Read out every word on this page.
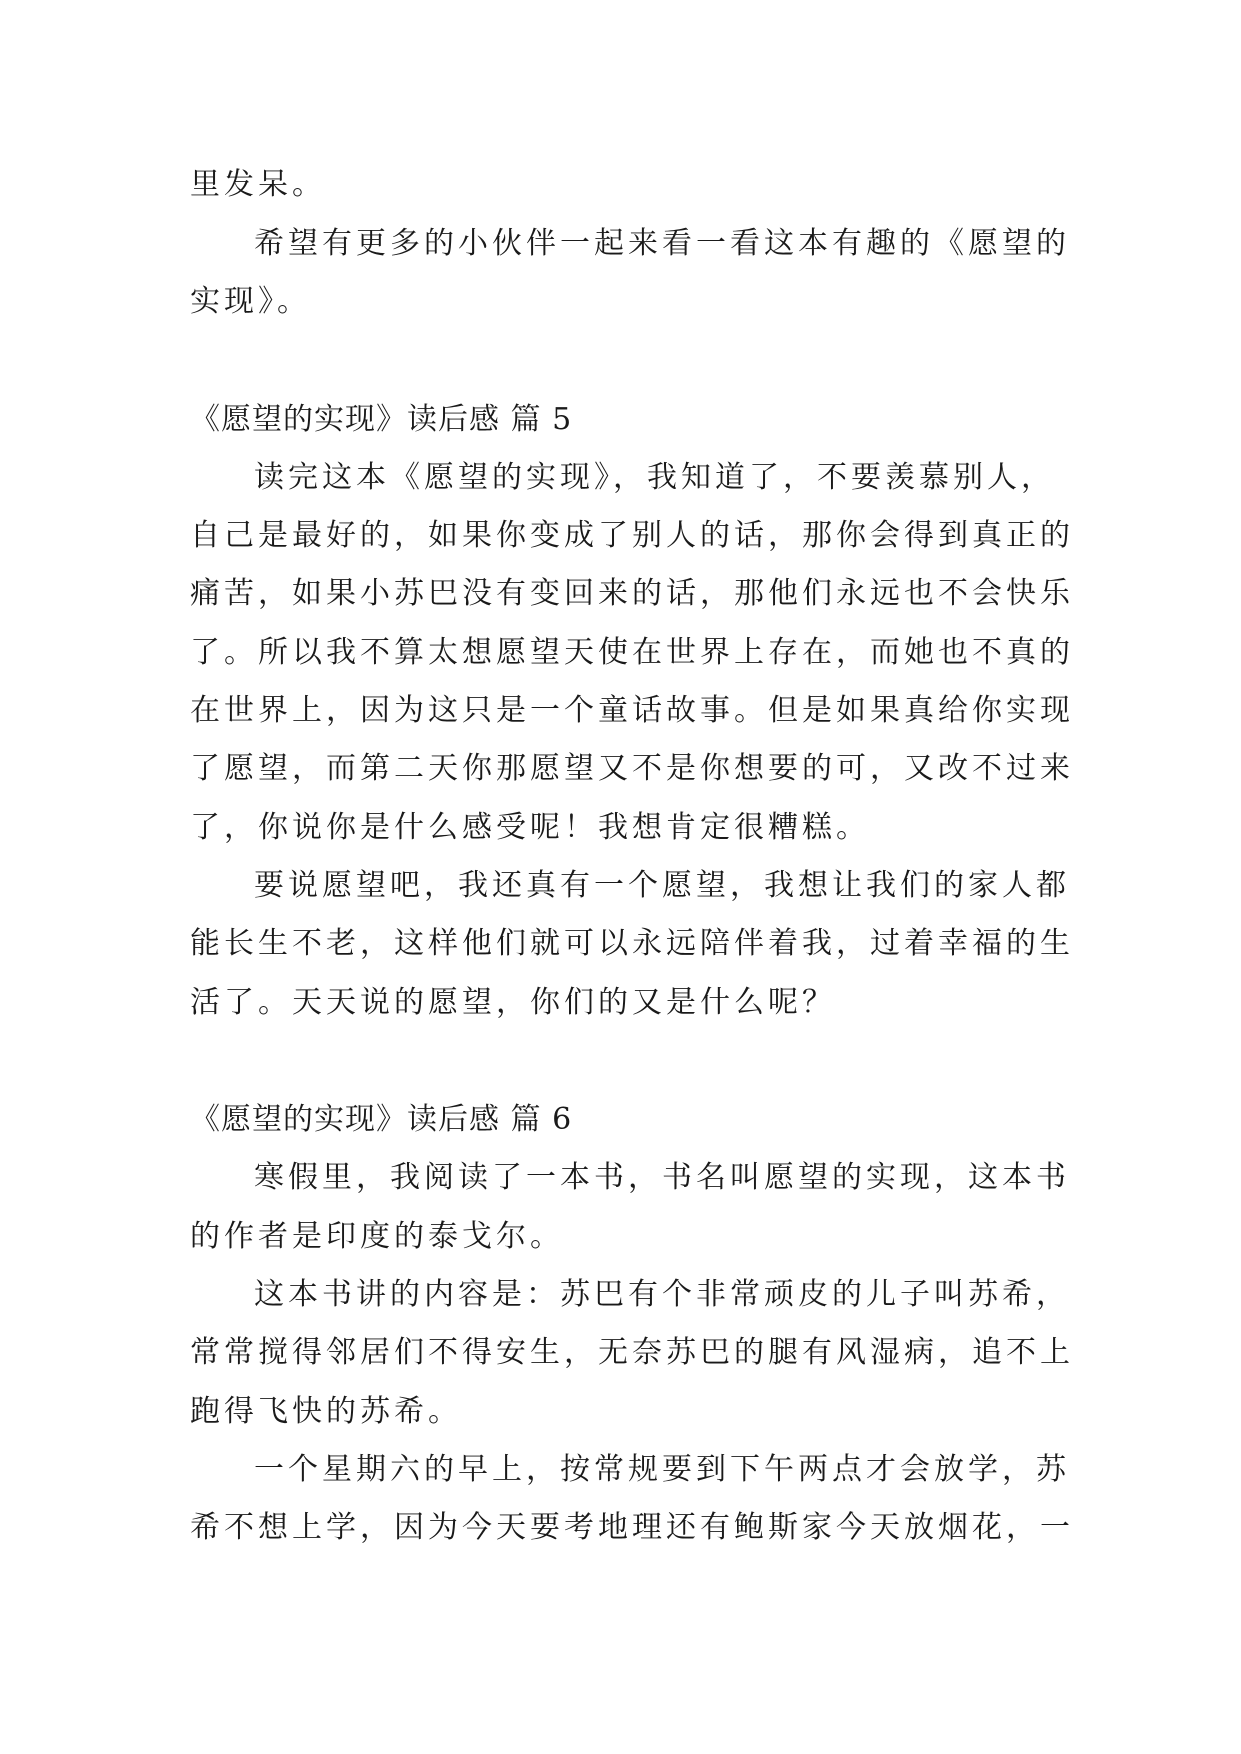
里发呆。
希望有更多的小伙伴一起来看一看这本有趣的《愿望的
实现》。
《愿望的实现》读后感 篇 5
读完这本《愿望的实现》，我知道了，不要羡慕别人，
自己是最好的，如果你变成了别人的话，那你会得到真正的
痛苦，如果小苏巴没有变回来的话，那他们永远也不会快乐
了。所以我不算太想愿望天使在世界上存在，而她也不真的
在世界上，因为这只是一个童话故事。但是如果真给你实现
了愿望，而第二天你那愿望又不是你想要的可，又改不过来
了，你说你是什么感受呢！我想肯定很糟糕。
要说愿望吧，我还真有一个愿望，我想让我们的家人都
能长生不老，这样他们就可以永远陪伴着我，过着幸福的生
活了。天天说的愿望，你们的又是什么呢？
《愿望的实现》读后感 篇 6
寒假里，我阅读了一本书，书名叫愿望的实现，这本书
的作者是印度的泰戈尔。
这本书讲的内容是：苏巴有个非常顽皮的儿子叫苏希，
常常搅得邻居们不得安生，无奈苏巴的腿有风湿病，追不上
跑得飞快的苏希。
一个星期六的早上，按常规要到下午两点才会放学，苏
希不想上学，因为今天要考地理还有鲍斯家今天放烟花，一
